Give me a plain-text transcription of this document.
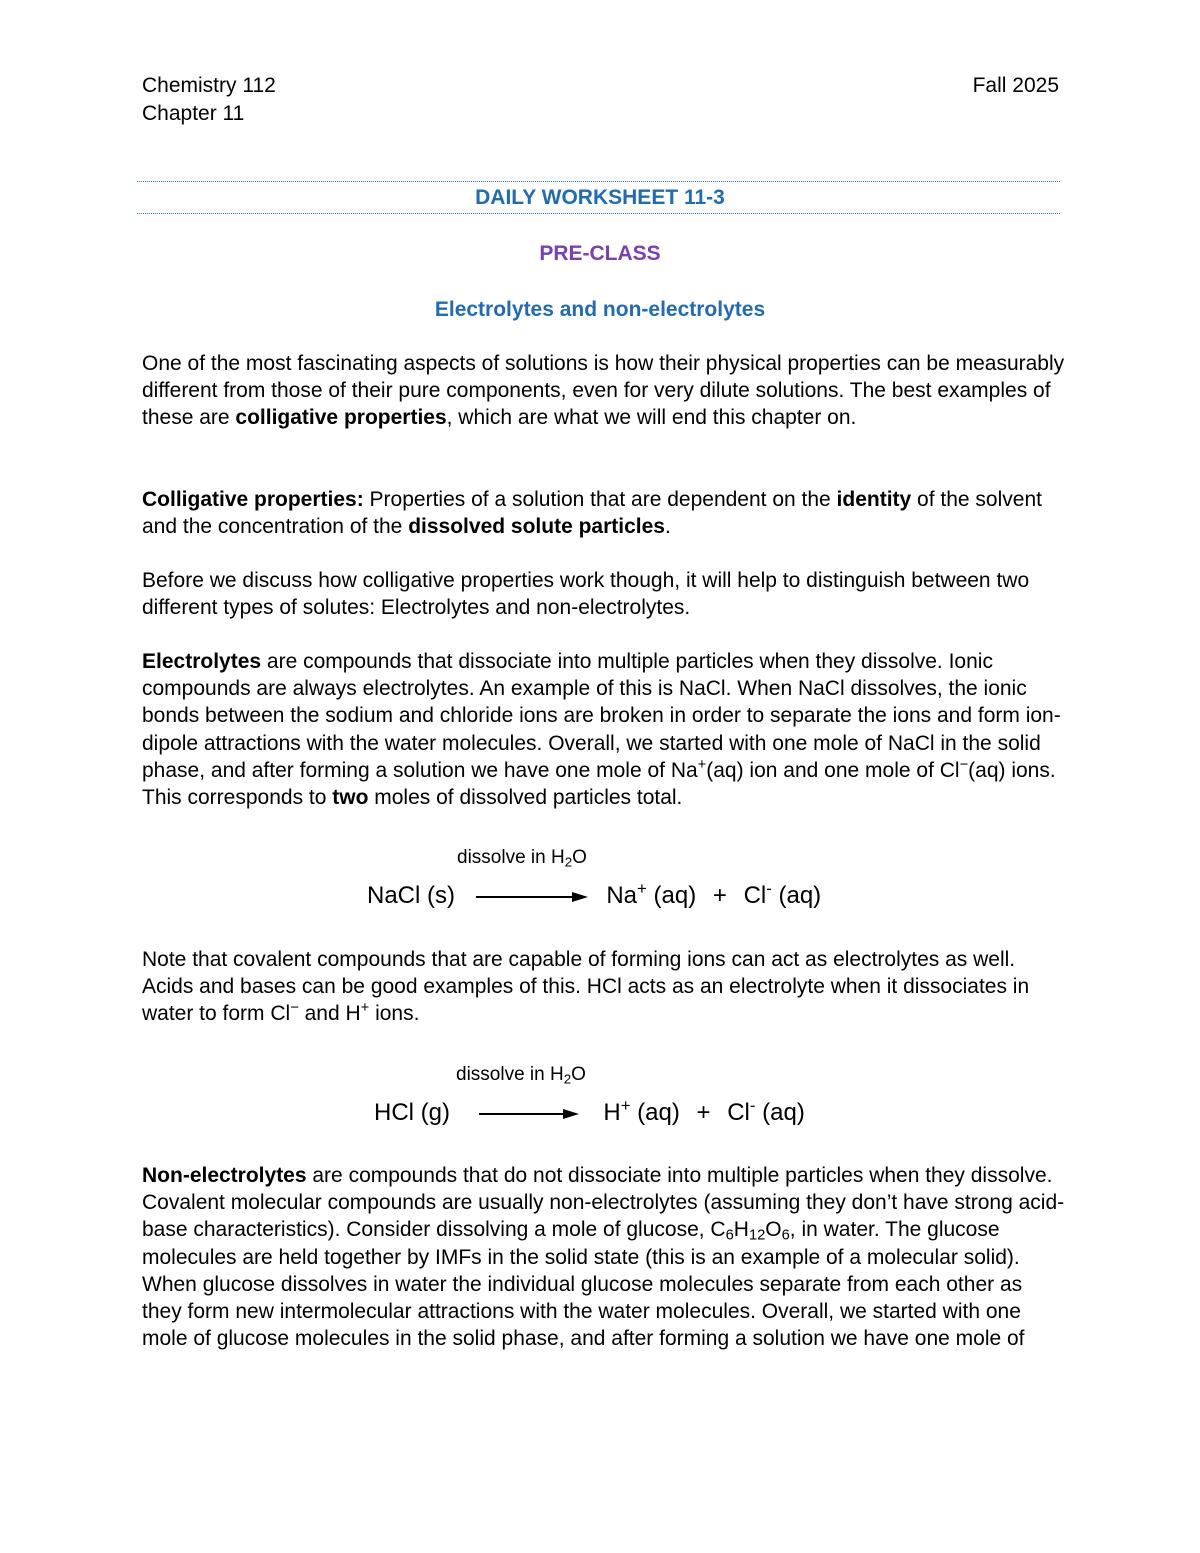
Chemistry 112
Chapter 11
Fall 2025
DAILY WORKSHEET 11-3
PRE-CLASS
Electrolytes and non-electrolytes
One of the most fascinating aspects of solutions is how their physical properties can be measurably different from those of their pure components, even for very dilute solutions. The best examples of these are colligative properties, which are what we will end this chapter on.
Colligative properties: Properties of a solution that are dependent on the identity of the solvent and the concentration of the dissolved solute particles.
Before we discuss how colligative properties work though, it will help to distinguish between two different types of solutes: Electrolytes and non-electrolytes.
Electrolytes are compounds that dissociate into multiple particles when they dissolve. Ionic compounds are always electrolytes. An example of this is NaCl. When NaCl dissolves, the ionic bonds between the sodium and chloride ions are broken in order to separate the ions and form ion-dipole attractions with the water molecules. Overall, we started with one mole of NaCl in the solid phase, and after forming a solution we have one mole of Na+(aq) ion and one mole of Cl−(aq) ions. This corresponds to two moles of dissolved particles total.
dissolve in $H_2O$
NaCl (s)	Na+ (aq) + Cl- (aq)
Note that covalent compounds that are capable of forming ions can act as electrolytes as well. Acids and bases can be good examples of this. HCl acts as an electrolyte when it dissociates in water to form Cl− and H+ ions.
dissolve in $H_2O$
HCl (g)	H+ (aq) + Cl- (aq)
Non-electrolytes are compounds that do not dissociate into multiple particles when they dissolve. Covalent molecular compounds are usually non-electrolytes (assuming they don’t have strong acid-base characteristics). Consider dissolving a mole of glucose, $C_6H_{12}O_6$, in water. The glucose molecules are held together by IMFs in the solid state (this is an example of a molecular solid). When glucose dissolves in water the individual glucose molecules separate from each other as they form new intermolecular attractions with the water molecules. Overall, we started with one mole of glucose molecules in the solid phase, and after forming a solution we have one mole of
